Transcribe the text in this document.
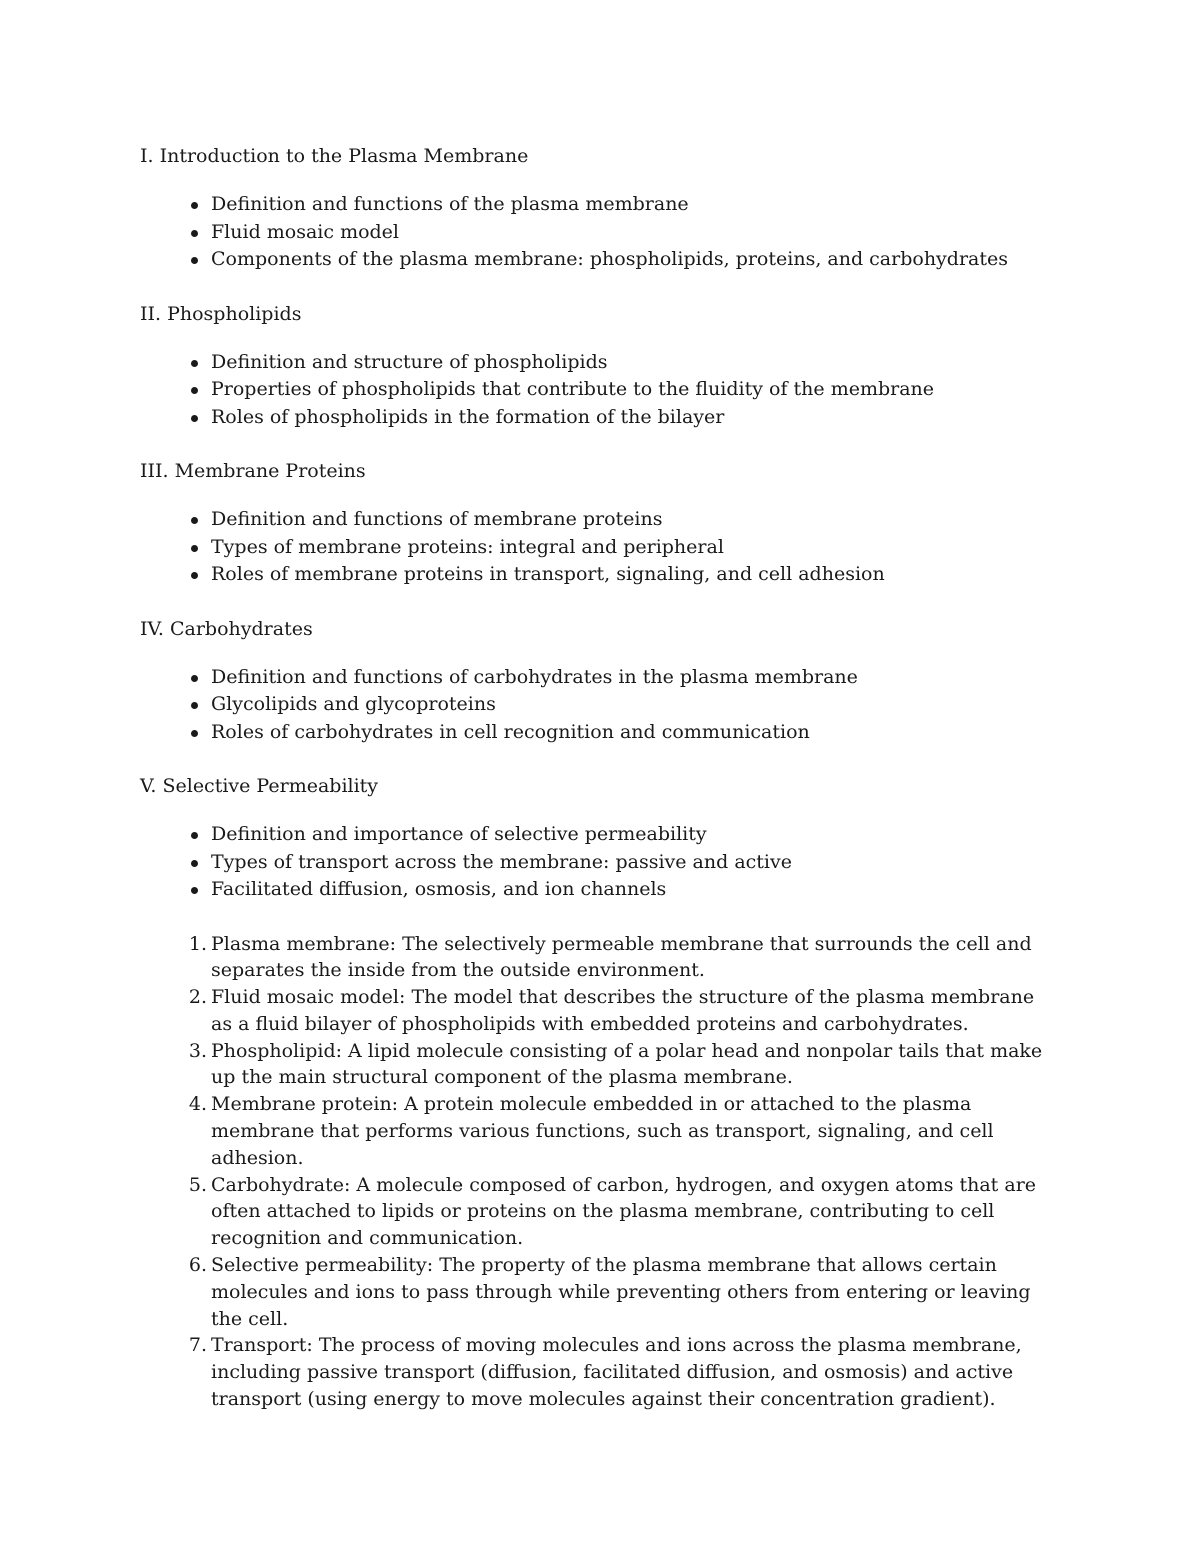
I. Introduction to the Plasma Membrane
Definition and functions of the plasma membrane
Fluid mosaic model
Components of the plasma membrane: phospholipids, proteins, and carbohydrates
II. Phospholipids
Definition and structure of phospholipids
Properties of phospholipids that contribute to the fluidity of the membrane
Roles of phospholipids in the formation of the bilayer
III. Membrane Proteins
Definition and functions of membrane proteins
Types of membrane proteins: integral and peripheral
Roles of membrane proteins in transport, signaling, and cell adhesion
IV. Carbohydrates
Definition and functions of carbohydrates in the plasma membrane
Glycolipids and glycoproteins
Roles of carbohydrates in cell recognition and communication
V. Selective Permeability
Definition and importance of selective permeability
Types of transport across the membrane: passive and active
Facilitated diffusion, osmosis, and ion channels
1. Plasma membrane: The selectively permeable membrane that surrounds the cell and separates the inside from the outside environment.
2. Fluid mosaic model: The model that describes the structure of the plasma membrane as a fluid bilayer of phospholipids with embedded proteins and carbohydrates.
3. Phospholipid: A lipid molecule consisting of a polar head and nonpolar tails that make up the main structural component of the plasma membrane.
4. Membrane protein: A protein molecule embedded in or attached to the plasma membrane that performs various functions, such as transport, signaling, and cell adhesion.
5. Carbohydrate: A molecule composed of carbon, hydrogen, and oxygen atoms that are often attached to lipids or proteins on the plasma membrane, contributing to cell recognition and communication.
6. Selective permeability: The property of the plasma membrane that allows certain molecules and ions to pass through while preventing others from entering or leaving the cell.
7. Transport: The process of moving molecules and ions across the plasma membrane, including passive transport (diffusion, facilitated diffusion, and osmosis) and active transport (using energy to move molecules against their concentration gradient).
